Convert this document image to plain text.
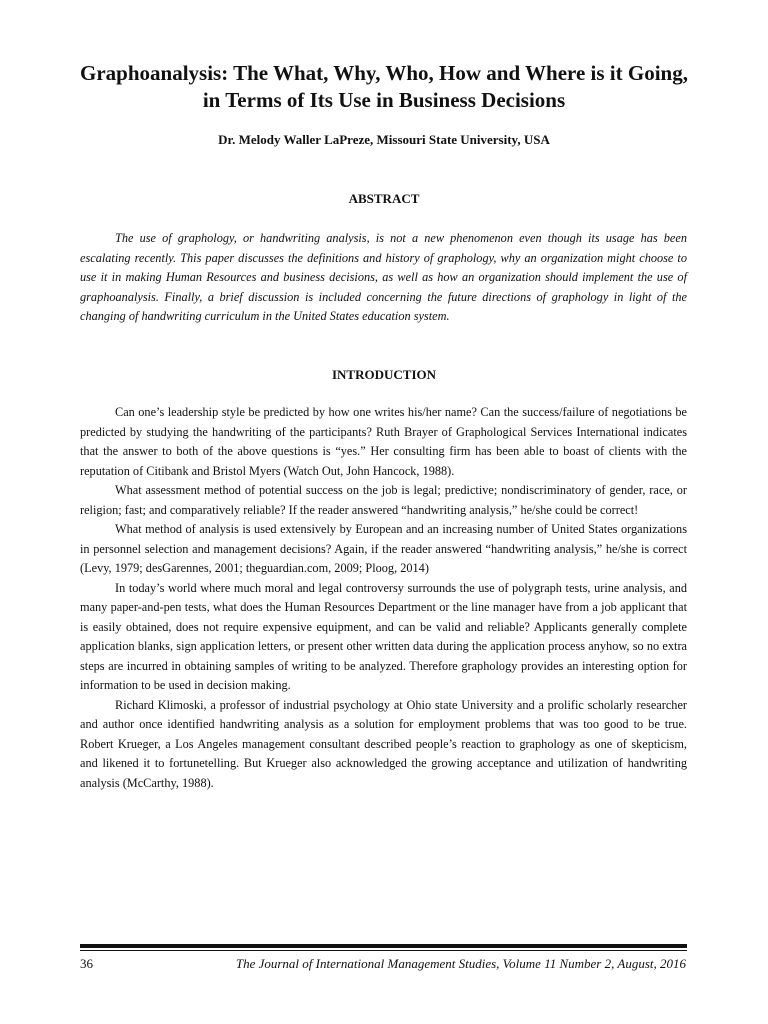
Graphoanalysis: The What, Why, Who, How and Where is it Going, in Terms of Its Use in Business Decisions
Dr. Melody Waller LaPreze, Missouri State University, USA
ABSTRACT

The use of graphology, or handwriting analysis, is not a new phenomenon even though its usage has been escalating recently. This paper discusses the definitions and history of graphology, why an organization might choose to use it in making Human Resources and business decisions, as well as how an organization should implement the use of graphoanalysis. Finally, a brief discussion is included concerning the future directions of graphology in light of the changing of handwriting curriculum in the United States education system.

INTRODUCTION

Can one’s leadership style be predicted by how one writes his/her name? Can the success/failure of negotiations be predicted by studying the handwriting of the participants? Ruth Brayer of Graphological Services International indicates that the answer to both of the above questions is “yes.” Her consulting firm has been able to boast of clients with the reputation of Citibank and Bristol Myers (Watch Out, John Hancock, 1988).

What assessment method of potential success on the job is legal; predictive; nondiscriminatory of gender, race, or religion; fast; and comparatively reliable? If the reader answered “handwriting analysis,” he/she could be correct!

What method of analysis is used extensively by European and an increasing number of United States organizations in personnel selection and management decisions? Again, if the reader answered “handwriting analysis,” he/she is correct (Levy, 1979; desGarennes, 2001; theguardian.com, 2009; Ploog, 2014)

In today’s world where much moral and legal controversy surrounds the use of polygraph tests, urine analysis, and many paper-and-pen tests, what does the Human Resources Department or the line manager have from a job applicant that is easily obtained, does not require expensive equipment, and can be valid and reliable? Applicants generally complete application blanks, sign application letters, or present other written data during the application process anyhow, so no extra steps are incurred in obtaining samples of writing to be analyzed. Therefore graphology provides an interesting option for information to be used in decision making.

Richard Klimoski, a professor of industrial psychology at Ohio state University and a prolific scholarly researcher and author once identified handwriting analysis as a solution for employment problems that was too good to be true. Robert Krueger, a Los Angeles management consultant described people’s reaction to graphology as one of skepticism, and likened it to fortunetelling. But Krueger also acknowledged the growing acceptance and utilization of handwriting analysis (McCarthy, 1988).

36	The Journal of International Management Studies, Volume 11 Number 2, August, 2016
